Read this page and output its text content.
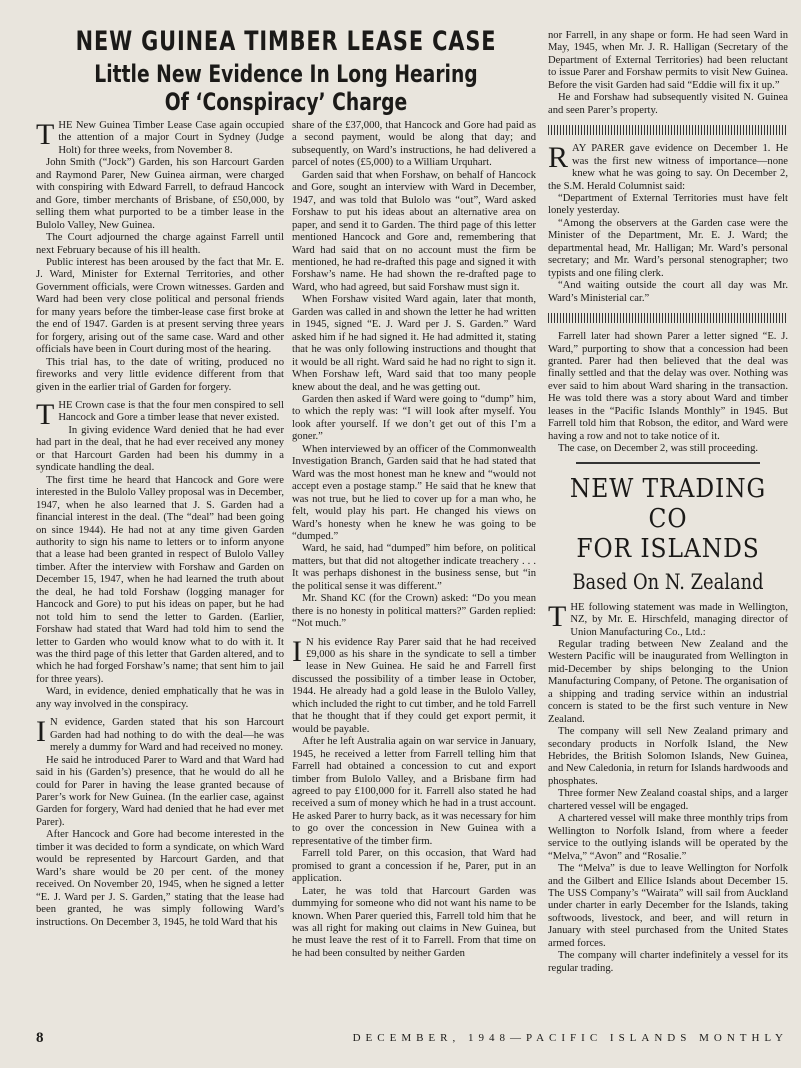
NEW GUINEA TIMBER LEASE CASE
Little New Evidence In Long Hearing Of ‘Conspiracy’ Charge

THE New Guinea Timber Lease Case again occupied the attention of a major Court in Sydney (Judge Holt) for three weeks, from November 8.

John Smith (“Jock”) Garden, his son Harcourt Garden and Raymond Parer, New Guinea airman, were charged with conspiring with Edward Farrell, to defraud Hancock and Gore, timber merchants of Brisbane, of £50,000, by selling them what purported to be a timber lease in the Bulolo Valley, New Guinea.

The Court adjourned the charge against Farrell until next February because of his ill health.

Public interest has been aroused by the fact that Mr. E. J. Ward, Minister for External Territories, and other Government officials, were Crown witnesses. Garden and Ward had been very close political and personal friends for many years before the timber-lease case first broke at the end of 1947. Garden is at present serving three years for forgery, arising out of the same case. Ward and other officials have been in Court during most of the hearing.

This trial has, to the date of writing, produced no fireworks and very little evidence different from that given in the earlier trial of Garden for forgery.

THE Crown case is that the four men conspired to sell Hancock and Gore a timber lease that never existed.

In giving evidence Ward denied that he had ever had part in the deal, that he had ever received any money or that Harcourt Garden had been his dummy in a syndicate handling the deal.

The first time he heard that Hancock and Gore were interested in the Bulolo Valley proposal was in December, 1947, when he also learned that J. S. Garden had a financial interest in the deal. (The “deal” had been going on since 1944). He had not at any time given Garden authority to sign his name to letters or to inform anyone that a lease had been granted in respect of Bulolo Valley timber. After the interview with Forshaw and Garden on December 15, 1947, when he had learned the truth about the deal, he had told Forshaw (logging manager for Hancock and Gore) to put his ideas on paper, but he had not told him to send the letter to Garden. (Earlier, Forshaw had stated that Ward had told him to send the letter to Garden who would know what to do with it. It was the third page of this letter that Garden altered, and to which he had forged Forshaw’s name; that sent him to jail for three years).

Ward, in evidence, denied emphatically that he was in any way involved in the conspiracy.

I N evidence, Garden stated that his son Harcourt Garden had had nothing to do with the deal—he was merely a dummy for Ward and had received no money.

He said he introduced Parer to Ward and that Ward had said in his (Garden’s) presence, that he would do all he could for Parer in having the lease granted because of Parer’s work for New Guinea. (In the earlier case, against Garden for forgery, Ward had denied that he had ever met Parer).

After Hancock and Gore had become interested in the timber it was decided to form a syndicate, on which Ward would be represented by Harcourt Garden, and that Ward’s share would be 20 per cent. of the money received. On November 20, 1945, when he signed a letter “E. J. Ward per J. S. Garden,” stating that the lease had been granted, he was simply following Ward’s instructions. On December 3, 1945, he told Ward that his

share of the £37,000, that Hancock and Gore had paid as a second payment, would be along that day; and subsequently, on Ward’s instructions, he had delivered a parcel of notes (£5,000) to a William Urquhart.

Garden said that when Forshaw, on behalf of Hancock and Gore, sought an interview with Ward in December, 1947, and was told that Bulolo was “out”, Ward asked Forshaw to put his ideas about an alternative area on paper, and send it to Garden. The third page of this letter mentioned Hancock and Gore and, remembering that Ward had said that on no account must the firm be mentioned, he had re-drafted this page and signed it with Forshaw’s name. He had shown the re-drafted page to Ward, who had agreed, but said Forshaw must sign it.

When Forshaw visited Ward again, later that month, Garden was called in and shown the letter he had written in 1945, signed “E. J. Ward per J. S. Garden.” Ward asked him if he had signed it. He had admitted it, stating that he was only following instructions and thought that it would be all right. Ward said he had no right to sign it. When Forshaw left, Ward said that too many people knew about the deal, and he was getting out.

Garden then asked if Ward were going to “dump” him, to which the reply was: “I will look after myself. You look after yourself. If we don’t get out of this I’m a goner.”

When interviewed by an officer of the Commonwealth Investigation Branch, Garden said that he had stated that Ward was the most honest man he knew and “would not accept even a postage stamp.” He said that he knew that was not true, but he lied to cover up for a man who, he felt, would play his part. He changed his views on Ward’s honesty when he knew he was going to be “dumped.”

Ward, he said, had “dumped” him before, on political matters, but that did not altogether indicate treachery . . . It was perhaps dishonest in the business sense, but “in the political sense it was different.”

Mr. Shand KC (for the Crown) asked: “Do you mean there is no honesty in political matters?” Garden replied: “Not much.”

I N his evidence Ray Parer said that he had received £9,000 as his share in the syndicate to sell a timber lease in New Guinea. He said he and Farrell first discussed the possibility of a timber lease in October, 1944. He already had a gold lease in the Bulolo Valley, which included the right to cut timber, and he told Farrell that he thought that if they could get export permit, it would be payable.

After he left Australia again on war service in January, 1945, he received a letter from Farrell telling him that Farrell had obtained a concession to cut and export timber from Bulolo Valley, and a Brisbane firm had agreed to pay £100,000 for it. Farrell also stated he had received a sum of money which he had in a trust account. He asked Parer to hurry back, as it was necessary for him to go over the concession in New Guinea with a representative of the timber firm.

Farrell told Parer, on this occasion, that Ward had promised to grant a concession if he, Parer, put in an application.

Later, he was told that Harcourt Garden was dummying for someone who did not want his name to be known. When Parer queried this, Farrell told him that he was all right for making out claims in New Guinea, but he must leave the rest of it to Farrell. From that time on he had been consulted by neither Garden

nor Farrell, in any shape or form. He had seen Ward in May, 1945, when Mr. J. R. Halligan (Secretary of the Department of External Territories) had been reluctant to issue Parer and Forshaw permits to visit New Guinea. Before the visit Garden had said “Eddie will fix it up.”

He and Forshaw had subsequently visited N. Guinea and seen Parer’s property.

RAY PARER gave evidence on December 1. He was the first new witness of importance—none knew what he was going to say. On December 2, the S.M. Herald Columnist said:

“Department of External Territories must have felt lonely yesterday.

“Among the observers at the Garden case were the Minister of the Department, Mr. E. J. Ward; the departmental head, Mr. Halligan; Mr. Ward’s personal secretary; and Mr. Ward’s personal stenographer; two typists and one filing clerk.

“And waiting outside the court all day was Mr. Ward’s Ministerial car.”

Farrell later had shown Parer a letter signed “E. J. Ward,” purporting to show that a concession had been granted. Parer had then believed that the deal was finally settled and that the delay was over. Nothing was ever said to him about Ward sharing in the transaction. He was told there was a story about Ward and timber leases in the “Pacific Islands Monthly” in 1945. But Farrell told him that Robson, the editor, and Ward were having a row and not to take notice of it.

The case, on December 2, was still proceeding.

NEW TRADING CO
FOR ISLANDS
Based On N. Zealand

THE following statement was made in Wellington, NZ, by Mr. E. Hirschfeld, managing director of Union Manufacturing Co., Ltd.:

Regular trading between New Zealand and the Western Pacific will be inaugurated from Wellington in mid-December by ships belonging to the Union Manufacturing Company, of Petone. The organisation of a shipping and trading service within an industrial concern is stated to be the first such venture in New Zealand.

The company will sell New Zealand primary and secondary products in Norfolk Island, the New Hebrides, the British Solomon Islands, New Guinea, and New Caledonia, in return for Islands hardwoods and phosphates.

Three former New Zealand coastal ships, and a larger chartered vessel will be engaged.

A chartered vessel will make three monthly trips from Wellington to Norfolk Island, from where a feeder service to the outlying islands will be operated by the “Melva,” “Avon” and “Rosalie.”

The “Melva” is due to leave Wellington for Norfolk and the Gilbert and Ellice Islands about December 15. The USS Company’s “Wairata” will sail from Auckland under charter in early December for the Islands, taking softwoods, livestock, and beer, and will return in January with steel purchased from the United States armed forces.

The company will charter indefinitely a vessel for its regular trading.

8	DECEMBER, 1948—PACIFIC ISLANDS MONTHLY
